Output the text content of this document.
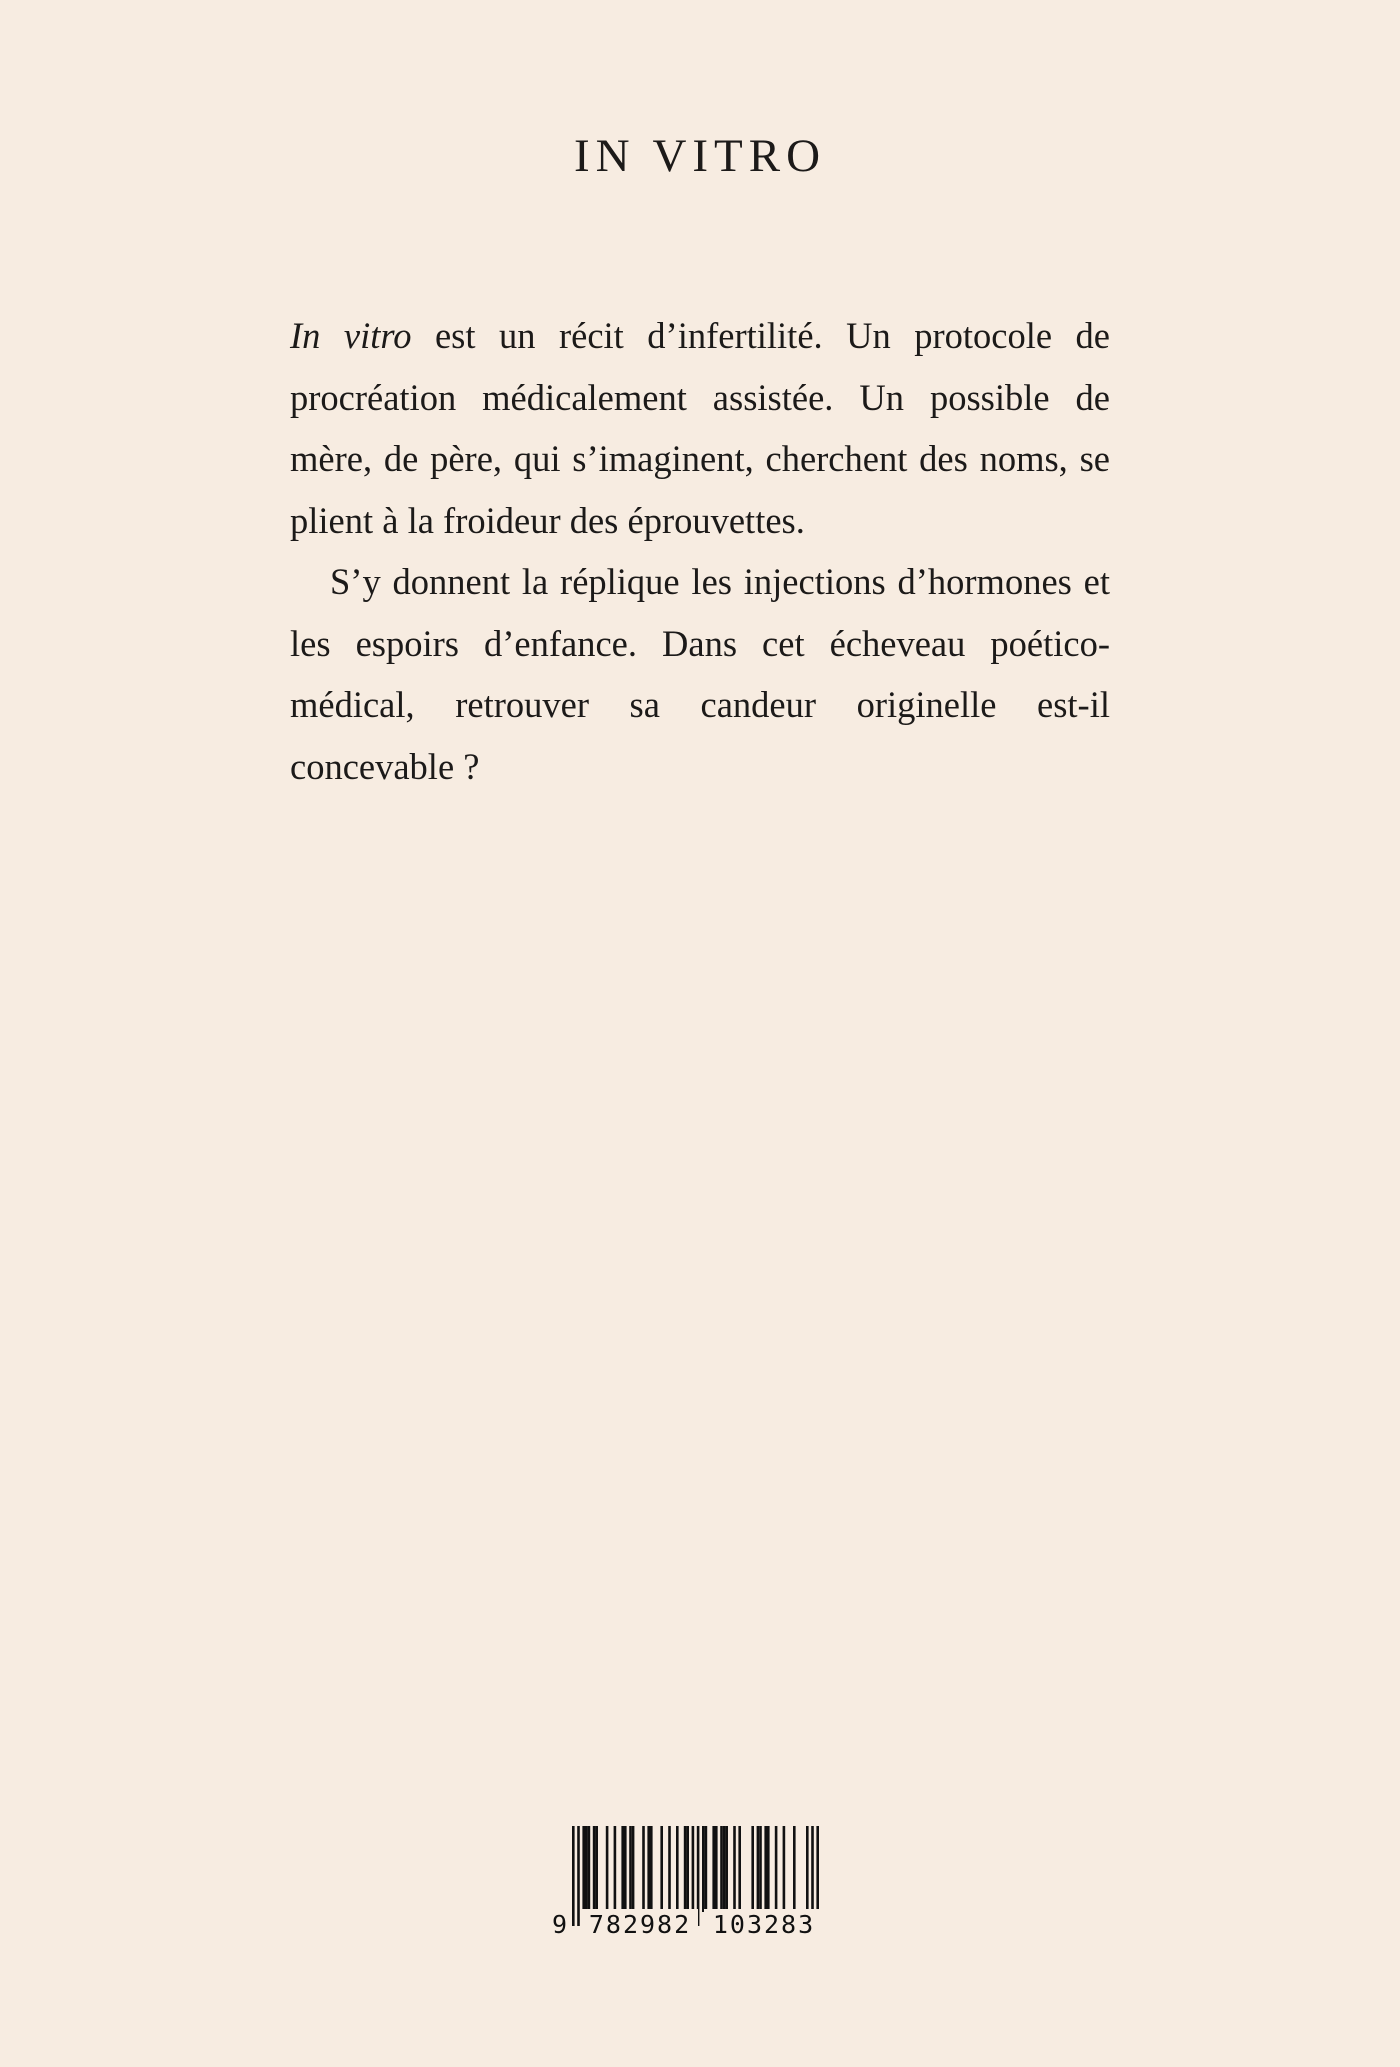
IN VITRO

In vitro est un récit d’infertilité. Un protocole de procréation médicalement assistée. Un possible de mère, de père, qui s’imaginent, cherchent des noms, se plient à la froideur des éprouvettes.

S’y donnent la réplique les injections d’hormones et les espoirs d’enfance. Dans cet écheveau poético-médical, retrouver sa candeur originelle est-il concevable ?

9 782982 103283
